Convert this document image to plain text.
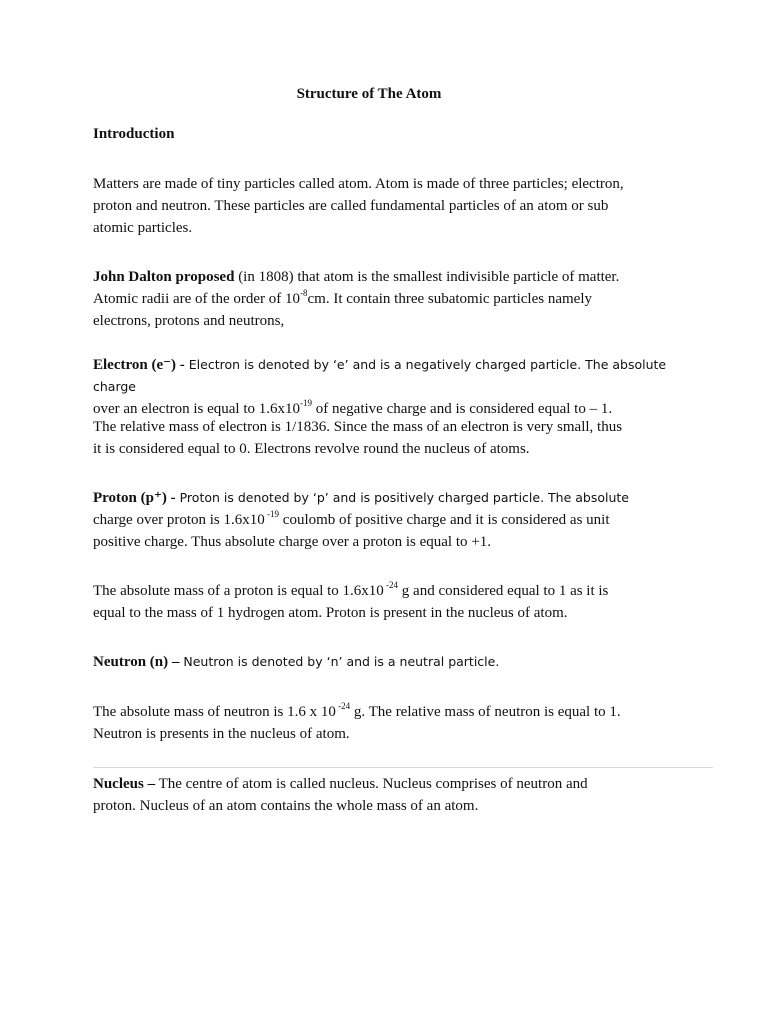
Structure of The Atom
Introduction
Matters are made of tiny particles called atom. Atom is made of three particles; electron,
proton and neutron. These particles are called fundamental particles of an atom or sub
atomic particles.
John Dalton proposed (in 1808) that atom is the smallest indivisible particle of matter.
Atomic radii are of the order of $10^{-8}cm$. It contain three subatomic particles namely
electrons, protons and neutrons,
Electron (e⁻) - Electron is denoted by ‘e’ and is a negatively charged particle. The absolute charge
over an electron is equal to $1.6x10^{-19}$ of negative charge and is considered equal to – 1.
The relative mass of electron is 1/1836. Since the mass of an electron is very small, thus
it is considered equal to 0. Electrons revolve round the nucleus of atoms.
Proton (p⁺) - Proton is denoted by ‘p’ and is positively charged particle. The absolute
charge over proton is 1.6x10 $^{-19}$ coulomb of positive charge and it is considered as unit
positive charge. Thus absolute charge over a proton is equal to +1.
The absolute mass of a proton is equal to 1.6x10 $^{-24}$ g and considered equal to 1 as it is
equal to the mass of 1 hydrogen atom. Proton is present in the nucleus of atom.
Neutron (n) – Neutron is denoted by ‘n’ and is a neutral particle.
The absolute mass of neutron is 1.6 x 10 $^{-24}$ g. The relative mass of neutron is equal to 1.
Neutron is presents in the nucleus of atom.
Nucleus – The centre of atom is called nucleus. Nucleus comprises of neutron and
proton. Nucleus of an atom contains the whole mass of an atom.
